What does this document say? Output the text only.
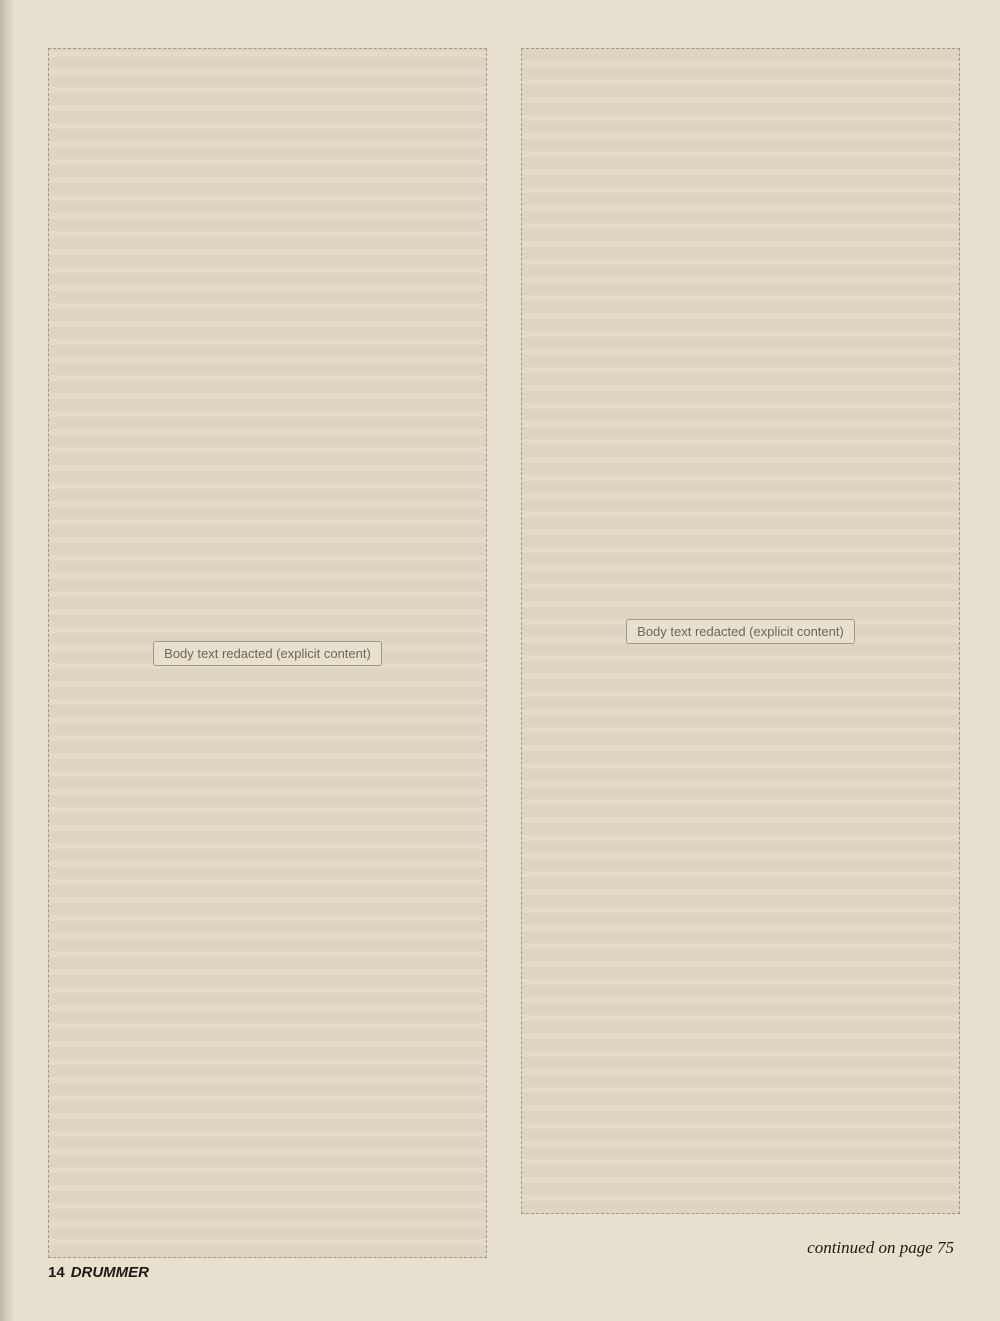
Body text redacted (explicit content)
Body text redacted (explicit content)
continued on page 75
14 DRUMMER
